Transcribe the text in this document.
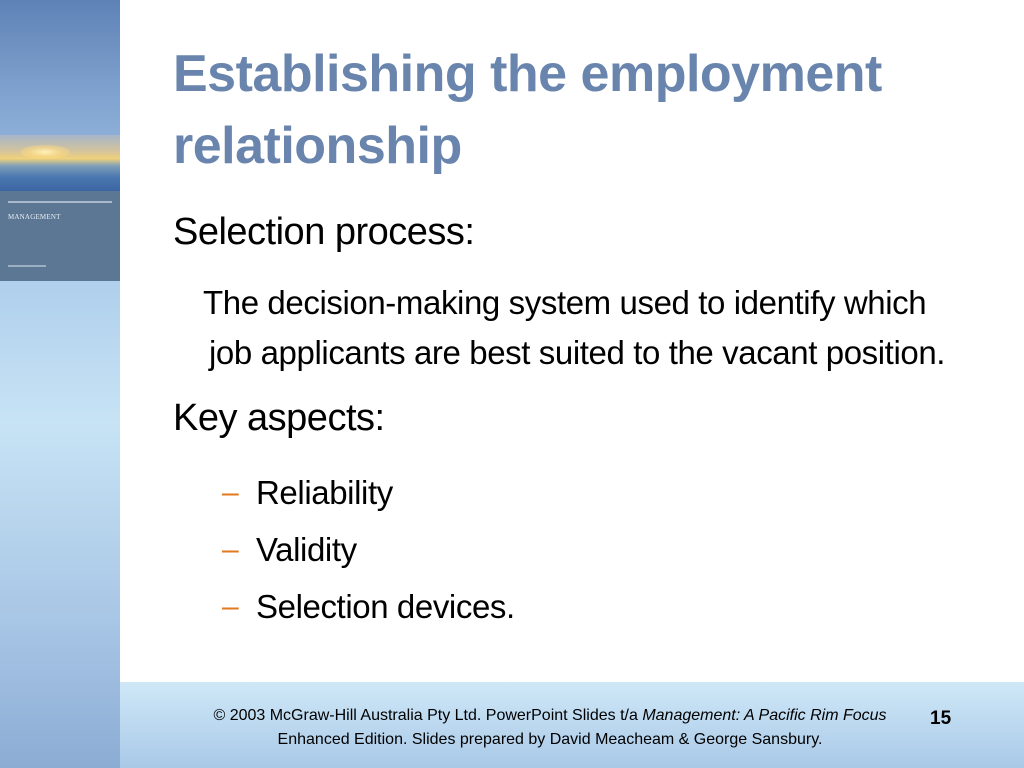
MANAGEMENT
Establishing the employment relationship
Selection process:
The decision-making system used to identify which
job applicants are best suited to the vacant position.
Key aspects:
– Reliability
– Validity
– Selection devices.
© 2003 McGraw-Hill Australia Pty Ltd. PowerPoint Slides t/a Management: A Pacific Rim Focus
Enhanced Edition. Slides prepared by David Meacheam & George Sansbury.
15
